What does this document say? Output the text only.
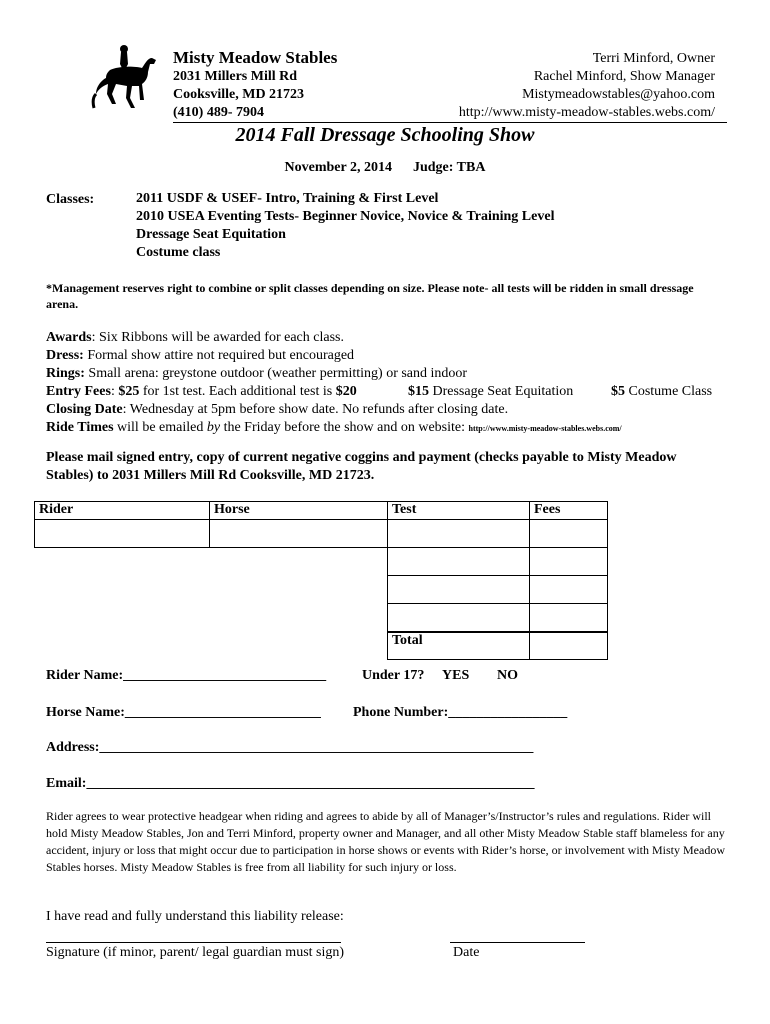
Misty Meadow Stables
2031 Millers Mill Rd
Cooksville, MD 21723
(410) 489- 7904
Terri Minford, Owner
Rachel Minford, Show Manager
Mistymeadowstables@yahoo.com
http://www.misty-meadow-stables.webs.com/
2014 Fall Dressage Schooling Show
November 2, 2014 Judge: TBA
Classes:	2011 USDF & USEF- Intro, Training & First Level
2010 USEA Eventing Tests- Beginner Novice, Novice & Training Level
Dressage Seat Equitation
Costume class
*Management reserves right to combine or split classes depending on size. Please note- all tests will be ridden in small dressage arena.
Awards: Six Ribbons will be awarded for each class.
Dress: Formal show attire not required but encouraged
Rings: Small arena: greystone outdoor (weather permitting) or sand indoor
Entry Fees: $25 for 1st test. Each additional test is $20	$15 Dressage Seat Equitation	$5 Costume Class
Closing Date: Wednesday at 5pm before show date. No refunds after closing date.
Ride Times will be emailed by the Friday before the show and on website: http://www.misty-meadow-stables.webs.com/
Please mail signed entry, copy of current negative coggins and payment (checks payable to Misty Meadow Stables) to 2031 Millers Mill Rd Cooksville, MD 21723.
Rider	Horse	Test	Fees

		Total	
Rider Name:_____________________________	Under 17? YES NO
Horse Name:____________________________ Phone Number:_________________
Address:______________________________________________________________
Email:________________________________________________________________
Rider agrees to wear protective headgear when riding and agrees to abide by all of Manager’s/Instructor’s rules and regulations. Rider will hold Misty Meadow Stables, Jon and Terri Minford, property owner and Manager, and all other Misty Meadow Stable staff blameless for any accident, injury or loss that might occur due to participation in horse shows or events with Rider’s horse, or involvement with Misty Meadow Stables horses. Misty Meadow Stables is free from all liability for such injury or loss.
I have read and fully understand this liability release:
Signature (if minor, parent/ legal guardian must sign)	Date
